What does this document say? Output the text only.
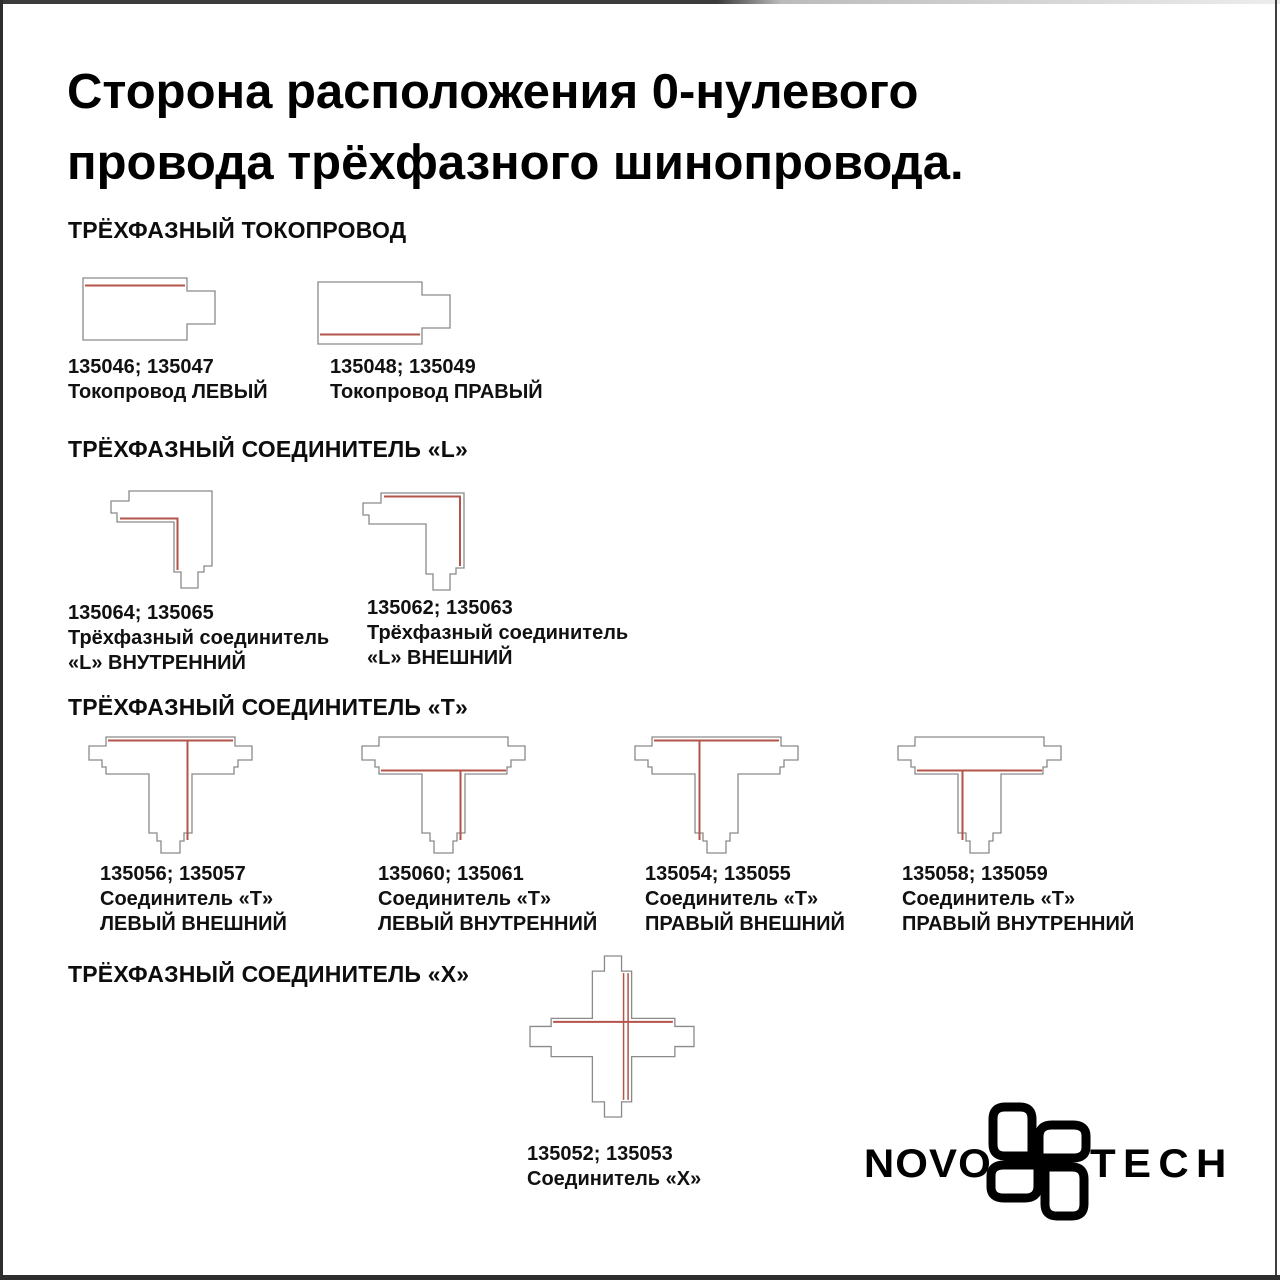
Сторона расположения 0-нулевого
провода трёхфазного шинопровода.
ТРЁХФАЗНЫЙ ТОКОПРОВОД

135046; 135047

Токопровод ЛЕВЫЙ

135048; 135049

Токопровод ПРАВЫЙ

ТРЁХФАЗНЫЙ СОЕДИНИТЕЛЬ «L»

135064; 135065

Трёхфазный соединитель

«L» ВНУТРЕННИЙ

135062; 135063

Трёхфазный соединитель

«L» ВНЕШНИЙ

ТРЁХФАЗНЫЙ СОЕДИНИТЕЛЬ «Т»

135056; 135057

Соединитель «Т»

ЛЕВЫЙ ВНЕШНИЙ

135060; 135061

Соединитель «Т»

ЛЕВЫЙ ВНУТРЕННИЙ

135054; 135055

Соединитель «Т»

ПРАВЫЙ ВНЕШНИЙ

135058; 135059

Соединитель «Т»

ПРАВЫЙ ВНУТРЕННИЙ

ТРЁХФАЗНЫЙ СОЕДИНИТЕЛЬ «Х»

135052; 135053

Соединитель «Х»	NOVO TECH
